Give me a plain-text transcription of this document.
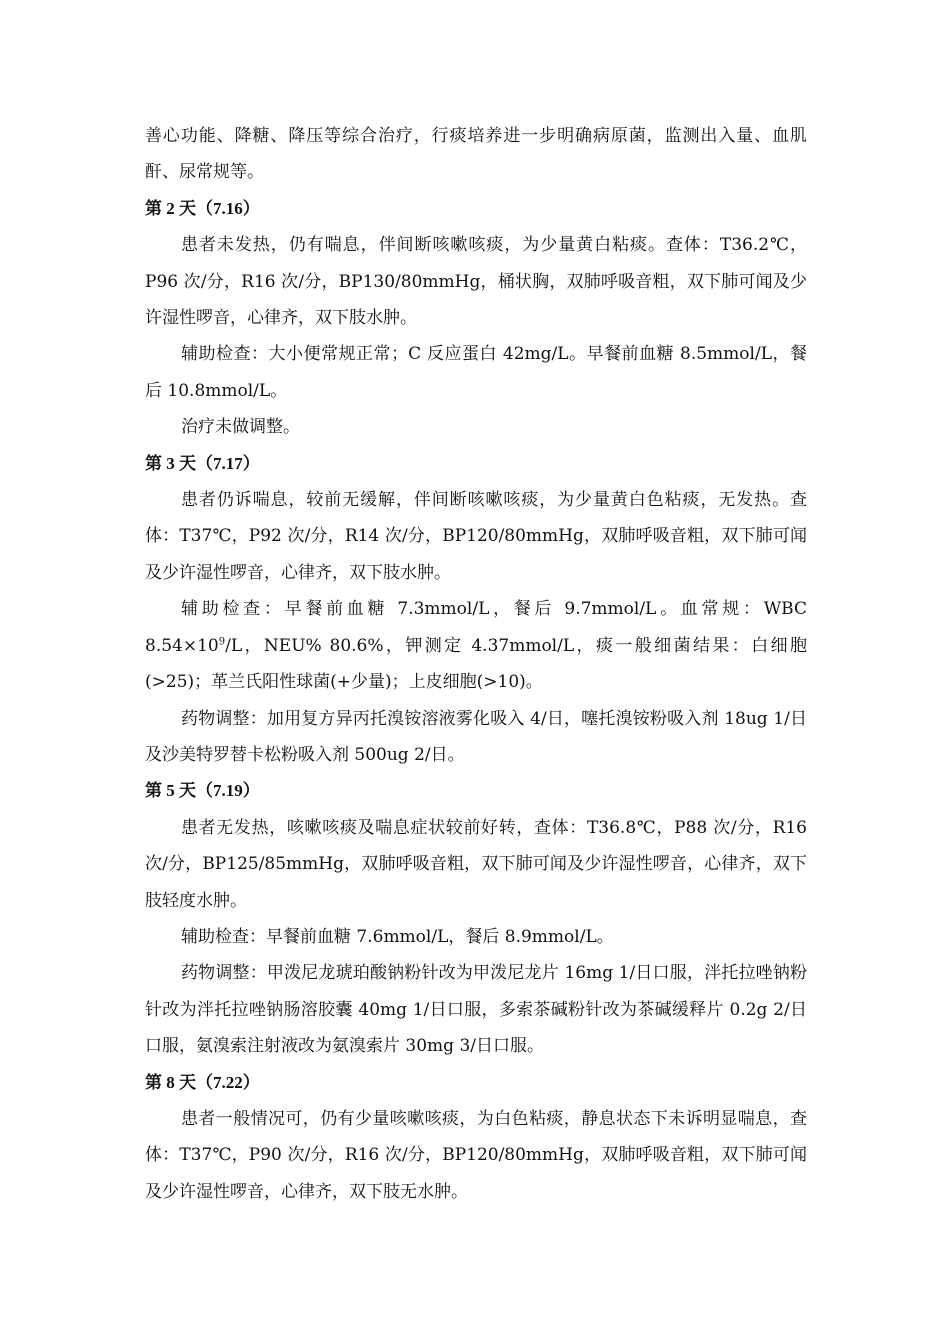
善心功能、降糖、降压等综合治疗，行痰培养进一步明确病原菌，监测出入量、血肌酐、尿常规等。

第 2 天（7.16）

患者未发热，仍有喘息，伴间断咳嗽咳痰，为少量黄白粘痰。查体：T36.2℃，P96 次/分，R16 次/分，BP130/80mmHg，桶状胸，双肺呼吸音粗，双下肺可闻及少许湿性啰音，心律齐，双下肢水肿。

辅助检查：大小便常规正常；C 反应蛋白 42mg/L。早餐前血糖 8.5mmol/L，餐后 10.8mmol/L。

治疗未做调整。

第 3 天（7.17）

患者仍诉喘息，较前无缓解，伴间断咳嗽咳痰，为少量黄白色粘痰，无发热。查体：T37℃，P92 次/分，R14 次/分，BP120/80mmHg，双肺呼吸音粗，双下肺可闻及少许湿性啰音，心律齐，双下肢水肿。

辅助检查：早餐前血糖 7.3mmol/L，餐后 9.7mmol/L。血常规：WBC $8.54\times 10^9/L$，NEU% 80.6%，钾测定 4.37mmol/L，痰一般细菌结果：白细胞(>25)；革兰氏阳性球菌(+少量)；上皮细胞(>10)。

药物调整：加用复方异丙托溴铵溶液雾化吸入 4/日，噻托溴铵粉吸入剂 18ug 1/日及沙美特罗替卡松粉吸入剂 500ug 2/日。

第 5 天（7.19）

患者无发热，咳嗽咳痰及喘息症状较前好转，查体：T36.8℃，P88 次/分，R16 次/分，BP125/85mmHg，双肺呼吸音粗，双下肺可闻及少许湿性啰音，心律齐，双下肢轻度水肿。

辅助检查：早餐前血糖 7.6mmol/L，餐后 8.9mmol/L。

药物调整：甲泼尼龙琥珀酸钠粉针改为甲泼尼龙片 16mg 1/日口服，泮托拉唑钠粉针改为泮托拉唑钠肠溶胶囊 40mg 1/日口服，多索茶碱粉针改为茶碱缓释片 0.2g 2/日口服，氨溴索注射液改为氨溴索片 30mg 3/日口服。

第 8 天（7.22）

患者一般情况可，仍有少量咳嗽咳痰，为白色粘痰，静息状态下未诉明显喘息，查体：T37℃，P90 次/分，R16 次/分，BP120/80mmHg，双肺呼吸音粗，双下肺可闻及少许湿性啰音，心律齐，双下肢无水肿。
